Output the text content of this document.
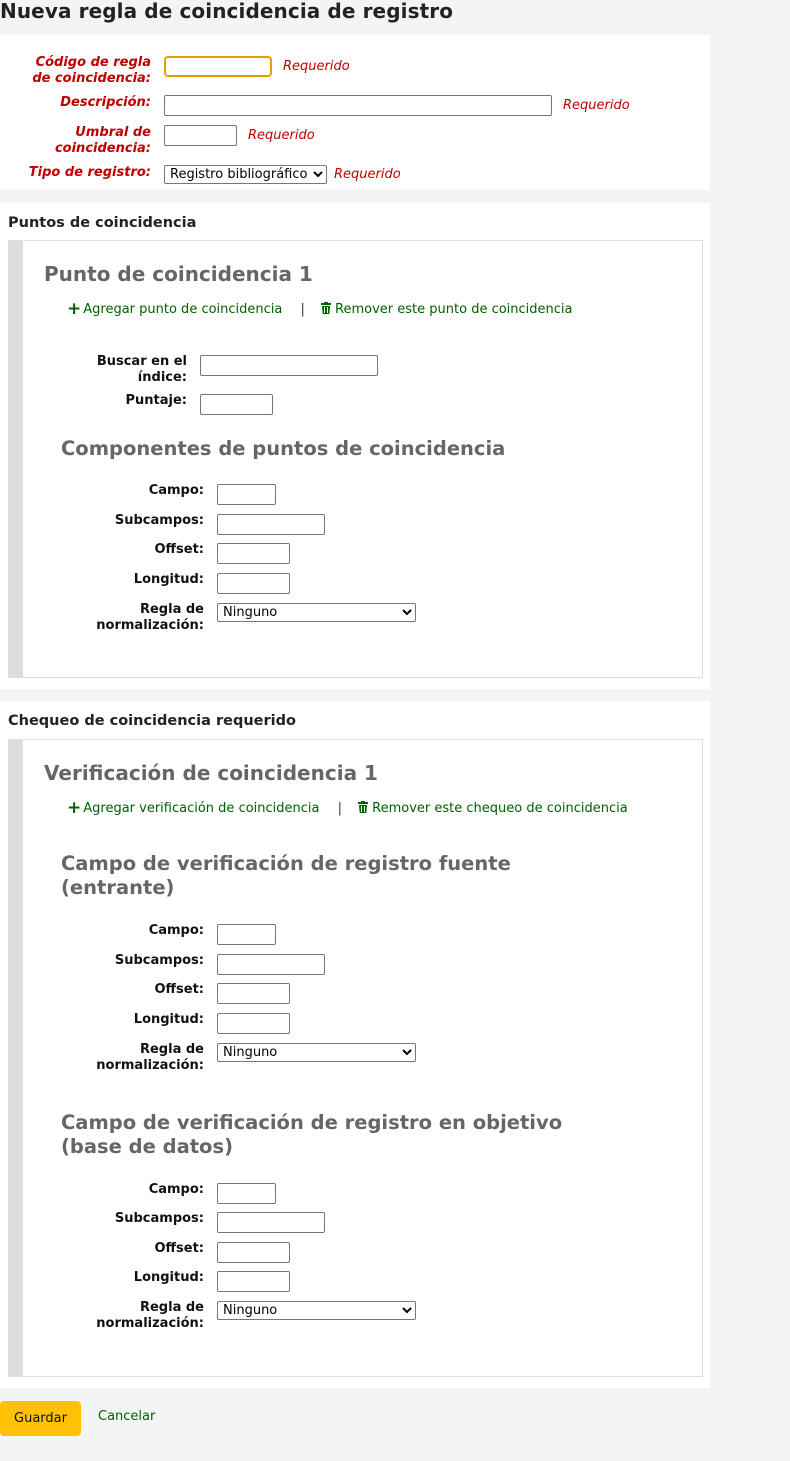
Nueva regla de coincidencia de registro
Código de regla de coincidencia:
Requerido
Descripción:	Requerido
Umbral de coincidencia:
Requerido
Tipo de registro:
Registro bibliográfico	Requerido
Puntos de coincidencia
Punto de coincidencia 1
+ Agregar punto de coincidencia | Remover este punto de coincidencia
Buscar en el índice:
Puntaje:
Componentes de puntos de coincidencia
Campo:
Subcampos:
Offset:
Longitud:
Regla de normalización:
Ninguno
Chequeo de coincidencia requerido
Verificación de coincidencia 1
+ Agregar verificación de coincidencia | Remover este chequeo de coincidencia
Campo de verificación de registro fuente (entrante)
Campo:
Subcampos:
Offset:
Longitud:
Regla de normalización:
Ninguno
Campo de verificación de registro en objetivo (base de datos)
Campo:
Subcampos:
Offset:
Longitud:
Regla de normalización:
Ninguno
Guardar	Cancelar
